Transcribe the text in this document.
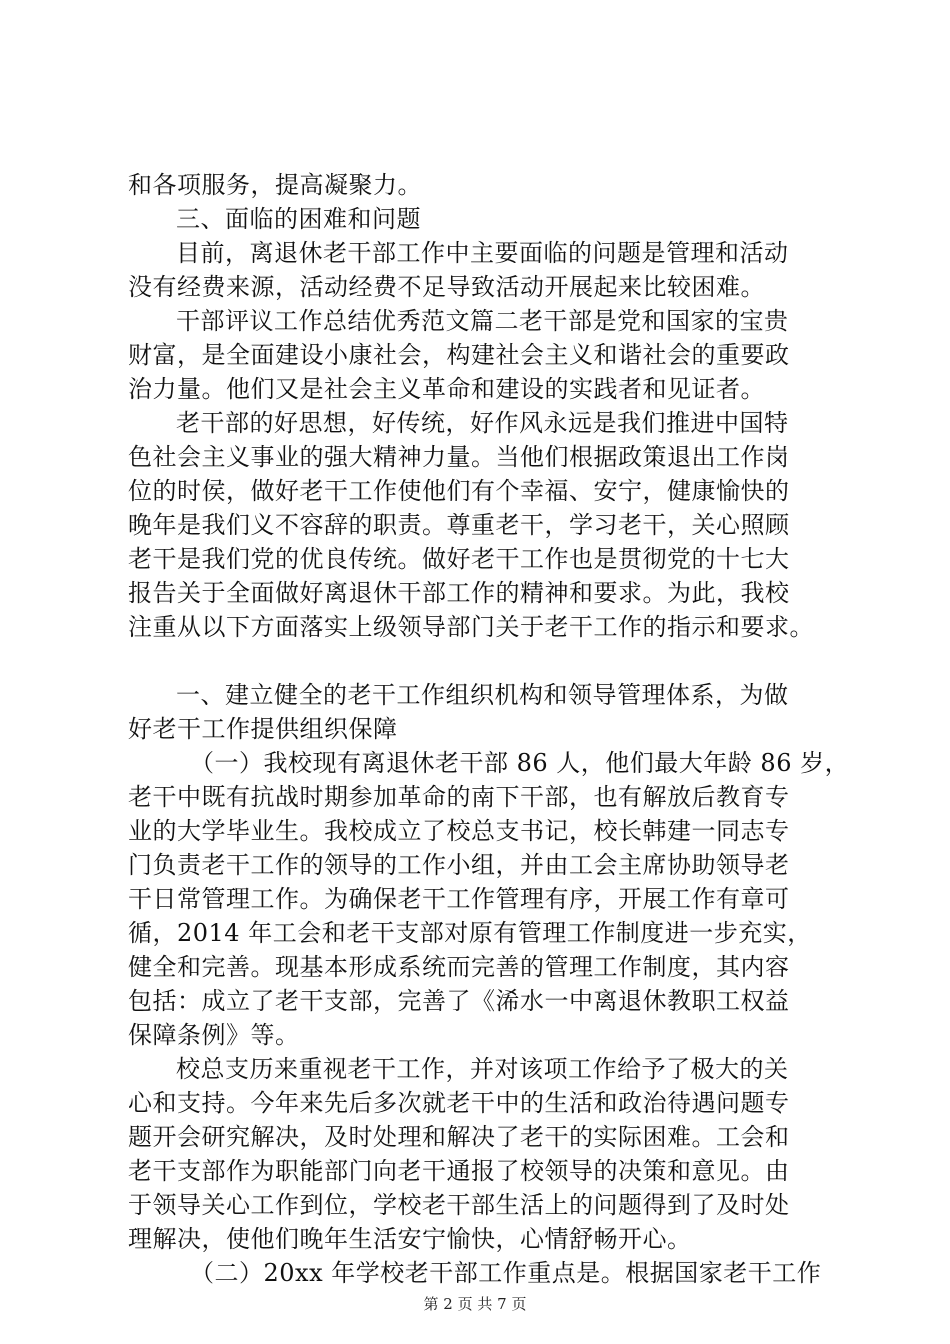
和各项服务，提高凝聚力。
三、面临的困难和问题
目前，离退休老干部工作中主要面临的问题是管理和活动
没有经费来源，活动经费不足导致活动开展起来比较困难。
干部评议工作总结优秀范文篇二老干部是党和国家的宝贵
财富，是全面建设小康社会，构建社会主义和谐社会的重要政
治力量。他们又是社会主义革命和建设的实践者和见证者。
老干部的好思想，好传统，好作风永远是我们推进中国特
色社会主义事业的强大精神力量。当他们根据政策退出工作岗
位的时侯，做好老干工作使他们有个幸福、安宁，健康愉快的
晚年是我们义不容辞的职责。尊重老干，学习老干，关心照顾
老干是我们党的优良传统。做好老干工作也是贯彻党的十七大
报告关于全面做好离退休干部工作的精神和要求。为此，我校
注重从以下方面落实上级领导部门关于老干工作的指示和要求。
一、建立健全的老干工作组织机构和领导管理体系，为做
好老干工作提供组织保障
（一）我校现有离退休老干部 86 人，他们最大年龄 86 岁，
老干中既有抗战时期参加革命的南下干部，也有解放后教育专
业的大学毕业生。我校成立了校总支书记，校长韩建一同志专
门负责老干工作的领导的工作小组，并由工会主席协助领导老
干日常管理工作。为确保老干工作管理有序，开展工作有章可
循，2014 年工会和老干支部对原有管理工作制度进一步充实，
健全和完善。现基本形成系统而完善的管理工作制度，其内容
包括：成立了老干支部，完善了《浠水一中离退休教职工权益
保障条例》等。
校总支历来重视老干工作，并对该项工作给予了极大的关
心和支持。今年来先后多次就老干中的生活和政治待遇问题专
题开会研究解决，及时处理和解决了老干的实际困难。工会和
老干支部作为职能部门向老干通报了校领导的决策和意见。由
于领导关心工作到位，学校老干部生活上的问题得到了及时处
理解决，使他们晚年生活安宁愉快，心情舒畅开心。
（二）20xx 年学校老干部工作重点是。根据国家老干工作
第 2 页 共 7 页
